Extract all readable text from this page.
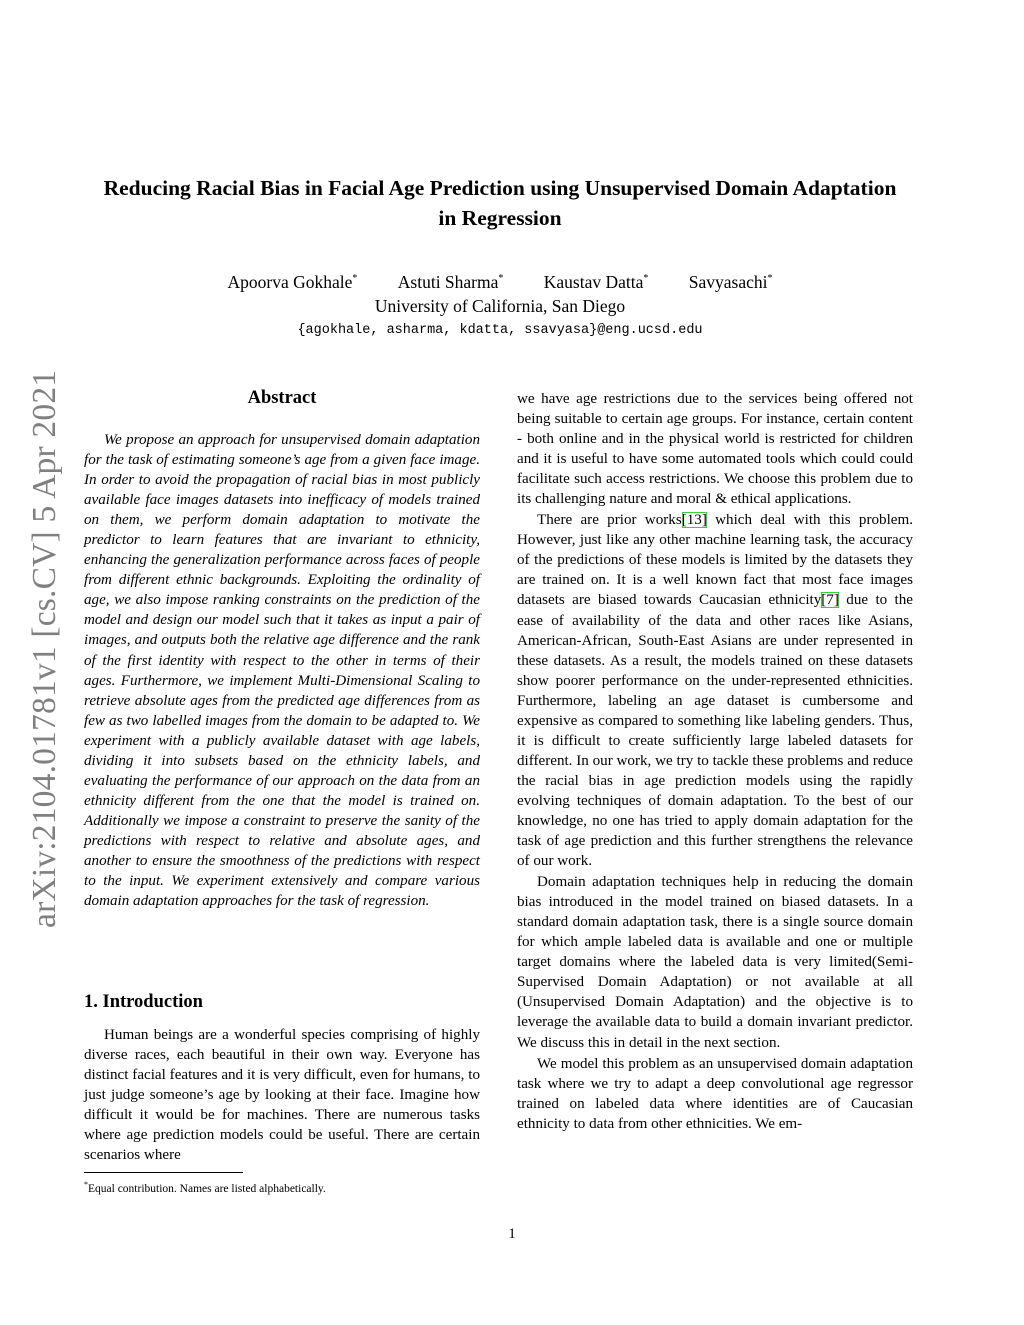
arXiv:2104.01781v1 [cs.CV] 5 Apr 2021
Reducing Racial Bias in Facial Age Prediction using Unsupervised Domain Adaptation in Regression
Apoorva Gokhale* Astuti Sharma* Kaustav Datta* Savyasachi*
University of California, San Diego
{agokhale, asharma, kdatta, ssavyasa}@eng.ucsd.edu
Abstract

We propose an approach for unsupervised domain adaptation for the task of estimating someone’s age from a given face image. In order to avoid the propagation of racial bias in most publicly available face images datasets into inefficacy of models trained on them, we perform domain adaptation to motivate the predictor to learn features that are invariant to ethnicity, enhancing the generalization performance across faces of people from different ethnic backgrounds. Exploiting the ordinality of age, we also impose ranking constraints on the prediction of the model and design our model such that it takes as input a pair of images, and outputs both the relative age difference and the rank of the first identity with respect to the other in terms of their ages. Furthermore, we implement Multi-Dimensional Scaling to retrieve absolute ages from the predicted age differences from as few as two labelled images from the domain to be adapted to. We experiment with a publicly available dataset with age labels, dividing it into subsets based on the ethnicity labels, and evaluating the performance of our approach on the data from an ethnicity different from the one that the model is trained on. Additionally we impose a constraint to preserve the sanity of the predictions with respect to relative and absolute ages, and another to ensure the smoothness of the predictions with respect to the input. We experiment extensively and compare various domain adaptation approaches for the task of regression.

1. Introduction

Human beings are a wonderful species comprising of highly diverse races, each beautiful in their own way. Everyone has distinct facial features and it is very difficult, even for humans, to just judge someone’s age by looking at their face. Imagine how difficult it would be for machines. There are numerous tasks where age prediction models could be useful. There are certain scenarios where

*Equal contribution. Names are listed alphabetically.

we have age restrictions due to the services being offered not being suitable to certain age groups. For instance, certain content - both online and in the physical world is restricted for children and it is useful to have some automated tools which could could facilitate such access restrictions. We choose this problem due to its challenging nature and moral & ethical applications.

There are prior works[13] which deal with this problem. However, just like any other machine learning task, the accuracy of the predictions of these models is limited by the datasets they are trained on. It is a well known fact that most face images datasets are biased towards Caucasian ethnicity[7] due to the ease of availability of the data and other races like Asians, American-African, South-East Asians are under represented in these datasets. As a result, the models trained on these datasets show poorer performance on the under-represented ethnicities. Furthermore, labeling an age dataset is cumbersome and expensive as compared to something like labeling genders. Thus, it is difficult to create sufficiently large labeled datasets for different. In our work, we try to tackle these problems and reduce the racial bias in age prediction models using the rapidly evolving techniques of domain adaptation. To the best of our knowledge, no one has tried to apply domain adaptation for the task of age prediction and this further strengthens the relevance of our work.

Domain adaptation techniques help in reducing the domain bias introduced in the model trained on biased datasets. In a standard domain adaptation task, there is a single source domain for which ample labeled data is available and one or multiple target domains where the labeled data is very limited(Semi-Supervised Domain Adaptation) or not available at all (Unsupervised Domain Adaptation) and the objective is to leverage the available data to build a domain invariant predictor. We discuss this in detail in the next section.

We model this problem as an unsupervised domain adaptation task where we try to adapt a deep convolutional age regressor trained on labeled data where identities are of Caucasian ethnicity to data from other ethnicities. We em-

1
